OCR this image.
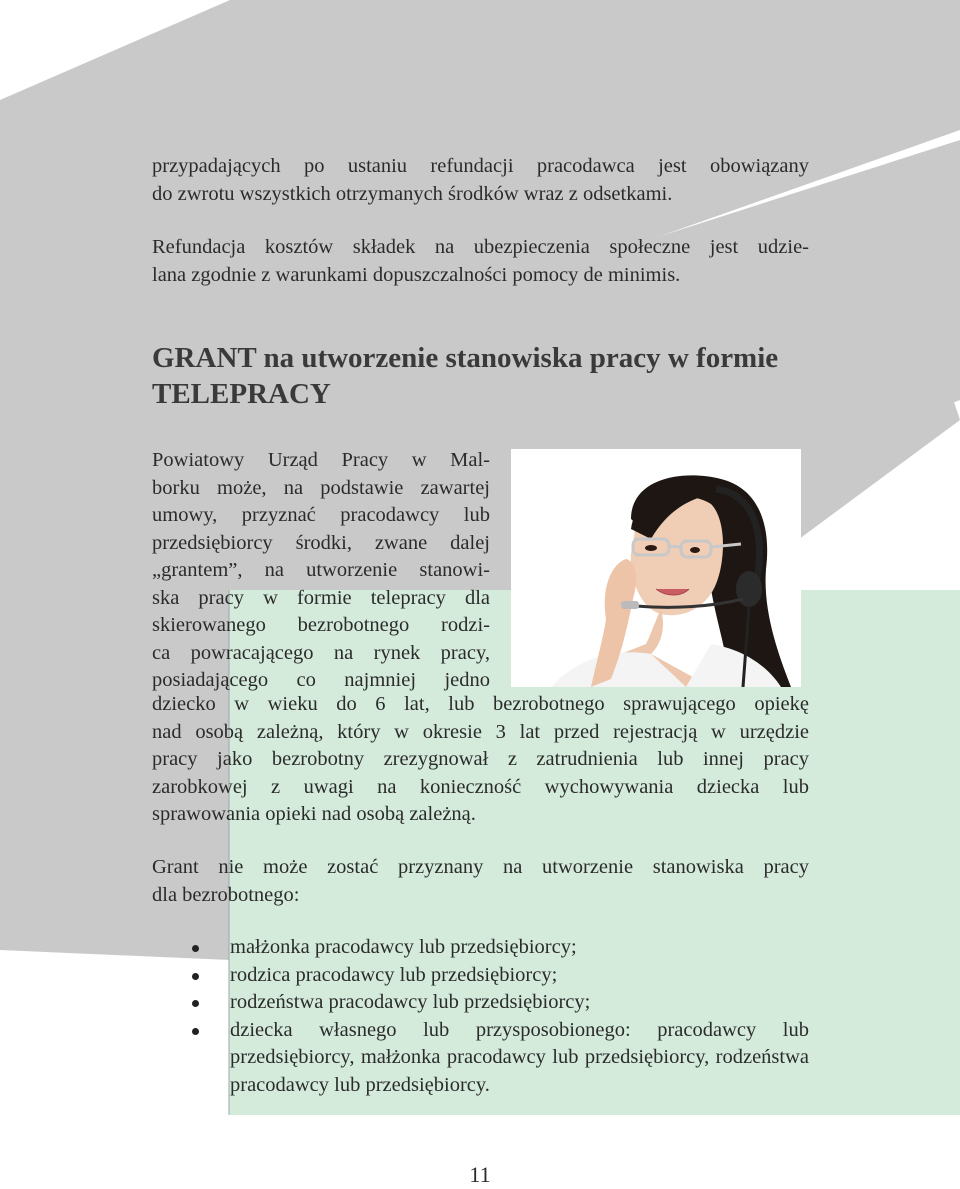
przypadających po ustaniu refundacji pracodawca jest obowiązany
do zwrotu wszystkich otrzymanych środków wraz z odsetkami.
Refundacja kosztów składek na ubezpieczenia społeczne jest udzie-
lana zgodnie z warunkami dopuszczalności pomocy de minimis.
GRANT na utworzenie stanowiska pracy w formie
TELEPRACY
Powiatowy Urząd Pracy w Mal-
borku może, na podstawie zawartej
umowy, przyznać pracodawcy lub
przedsiębiorcy środki, zwane dalej
„grantem”, na utworzenie stanowi-
ska pracy w formie telepracy dla
skierowanego bezrobotnego rodzi-
ca powracającego na rynek pracy,
posiadającego co najmniej jedno
dziecko w wieku do 6 lat, lub bezrobotnego sprawującego opiekę
nad osobą zależną, który w okresie 3 lat przed rejestracją w urzędzie
pracy jako bezrobotny zrezygnował z zatrudnienia lub innej pracy
zarobkowej z uwagi na konieczność wychowywania dziecka lub
sprawowania opieki nad osobą zależną.
Grant nie może zostać przyznany na utworzenie stanowiska pracy
dla bezrobotnego:
małżonka pracodawcy lub przedsiębiorcy;
rodzica pracodawcy lub przedsiębiorcy;
rodzeństwa pracodawcy lub przedsiębiorcy;
dziecka własnego lub przysposobionego: pracodawcy lub przedsiębiorcy, małżonka pracodawcy lub przedsiębiorcy, rodzeństwa pracodawcy lub przedsiębiorcy.
11
